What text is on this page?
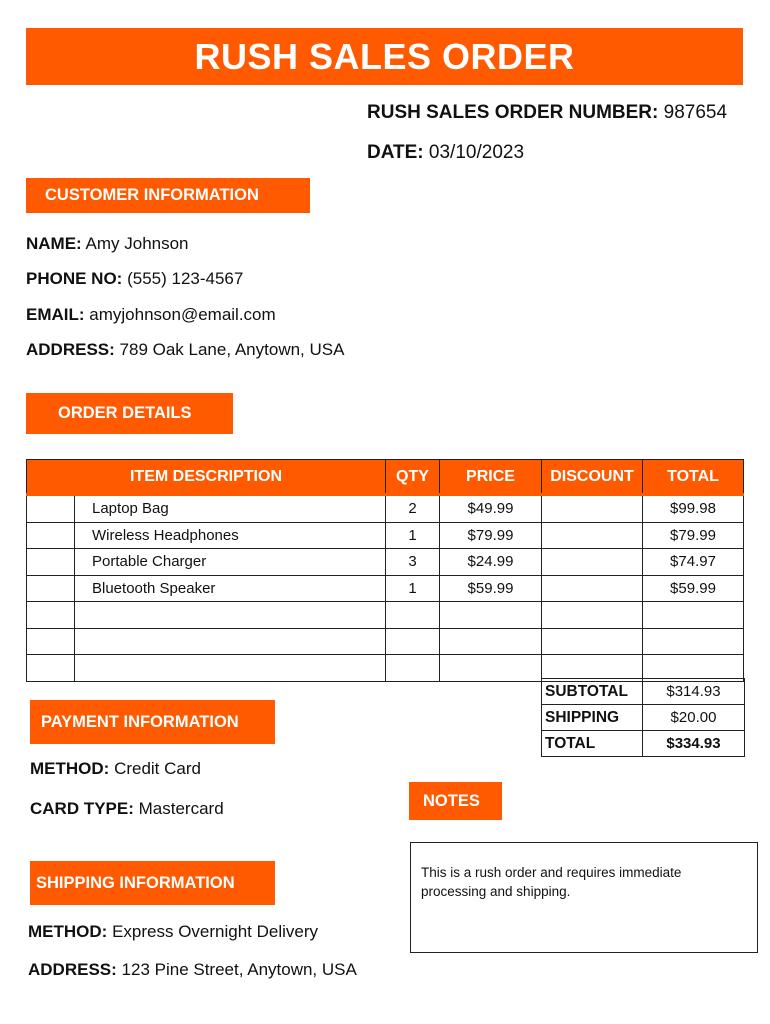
RUSH SALES ORDER
RUSH SALES ORDER NUMBER: 987654
DATE: 03/10/2023
CUSTOMER INFORMATION
NAME: Amy Johnson
PHONE NO: (555) 123-4567
EMAIL: amyjohnson@email.com
ADDRESS: 789 Oak Lane, Anytown, USA
ORDER DETAILS
ITEM DESCRIPTION		QTY	PRICE	DISCOUNT	TOTAL
	Laptop Bag	2	$49.99		$99.98
	Wireless Headphones	1	$79.99		$79.99
	Portable Charger	3	$24.99		$74.97
	Bluetooth Speaker	1	$59.99		$59.99

SUBTOTAL	$314.93
SHIPPING	$20.00
TOTAL	$334.93
PAYMENT INFORMATION
METHOD: Credit Card
CARD TYPE: Mastercard	NOTES
This is a rush order and requires immediate processing and shipping.
SHIPPING INFORMATION
METHOD: Express Overnight Delivery
ADDRESS: 123 Pine Street, Anytown, USA
